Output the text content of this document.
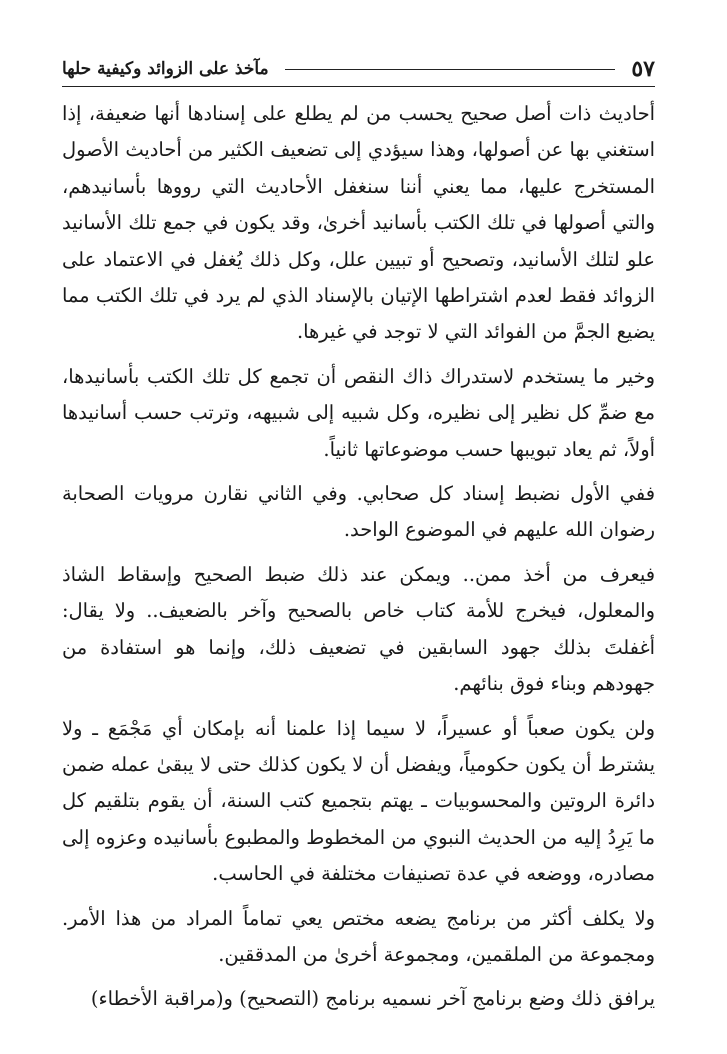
٥٧
مآخذ على الزوائد وكيفية حلها

أحاديث ذات أصل صحيح يحسب من لم يطلع على إسنادها أنها ضعيفة، إذا استغني بها عن أصولها، وهذا سيؤدي إلى تضعيف الكثير من أحاديث الأصول المستخرج عليها، مما يعني أننا سنغفل الأحاديث التي رووها بأسانيدهم، والتي أصولها في تلك الكتب بأسانيد أخرىٰ، وقد يكون في جمع تلك الأسانيد علو لتلك الأسانيد، وتصحيح أو تبيين علل، وكل ذلك يُغفل في الاعتماد على الزوائد فقط لعدم اشتراطها الإتيان بالإسناد الذي لم يرد في تلك الكتب مما يضيع الجمَّ من الفوائد التي لا توجد في غيرها.

وخير ما يستخدم لاستدراك ذاك النقص أن تجمع كل تلك الكتب بأسانيدها، مع ضمِّ كل نظير إلى نظيره، وكل شبيه إلى شبيهه، وترتب حسب أسانيدها أولاً، ثم يعاد تبويبها حسب موضوعاتها ثانياً.

ففي الأول نضبط إسناد كل صحابي. وفي الثاني نقارن مرويات الصحابة رضوان الله عليهم في الموضوع الواحد.

فيعرف من أخذ ممن.. ويمكن عند ذلك ضبط الصحيح وإسقاط الشاذ والمعلول، فيخرج للأمة كتاب خاص بالصحيح وآخر بالضعيف.. ولا يقال: أغفلتَ بذلك جهود السابقين في تضعيف ذلك، وإنما هو استفادة من جهودهم وبناء فوق بنائهم.

ولن يكون صعباً أو عسيراً، لا سيما إذا علمنا أنه بإمكان أي مَجْمَع ـ ولا يشترط أن يكون حكومياً، ويفضل أن لا يكون كذلك حتى لا يبقىٰ عمله ضمن دائرة الروتين والمحسوبيات ـ يهتم بتجميع كتب السنة، أن يقوم بتلقيم كل ما يَرِدُ إليه من الحديث النبوي من المخطوط والمطبوع بأسانيده وعزوه إلى مصادره، ووضعه في عدة تصنيفات مختلفة في الحاسب.

ولا يكلف أكثر من برنامج يضعه مختص يعي تماماً المراد من هذا الأمر. ومجموعة من الملقمين، ومجموعة أخرىٰ من المدققين.

يرافق ذلك وضع برنامج آخر نسميه برنامج (التصحيح) و(مراقبة الأخطاء)
